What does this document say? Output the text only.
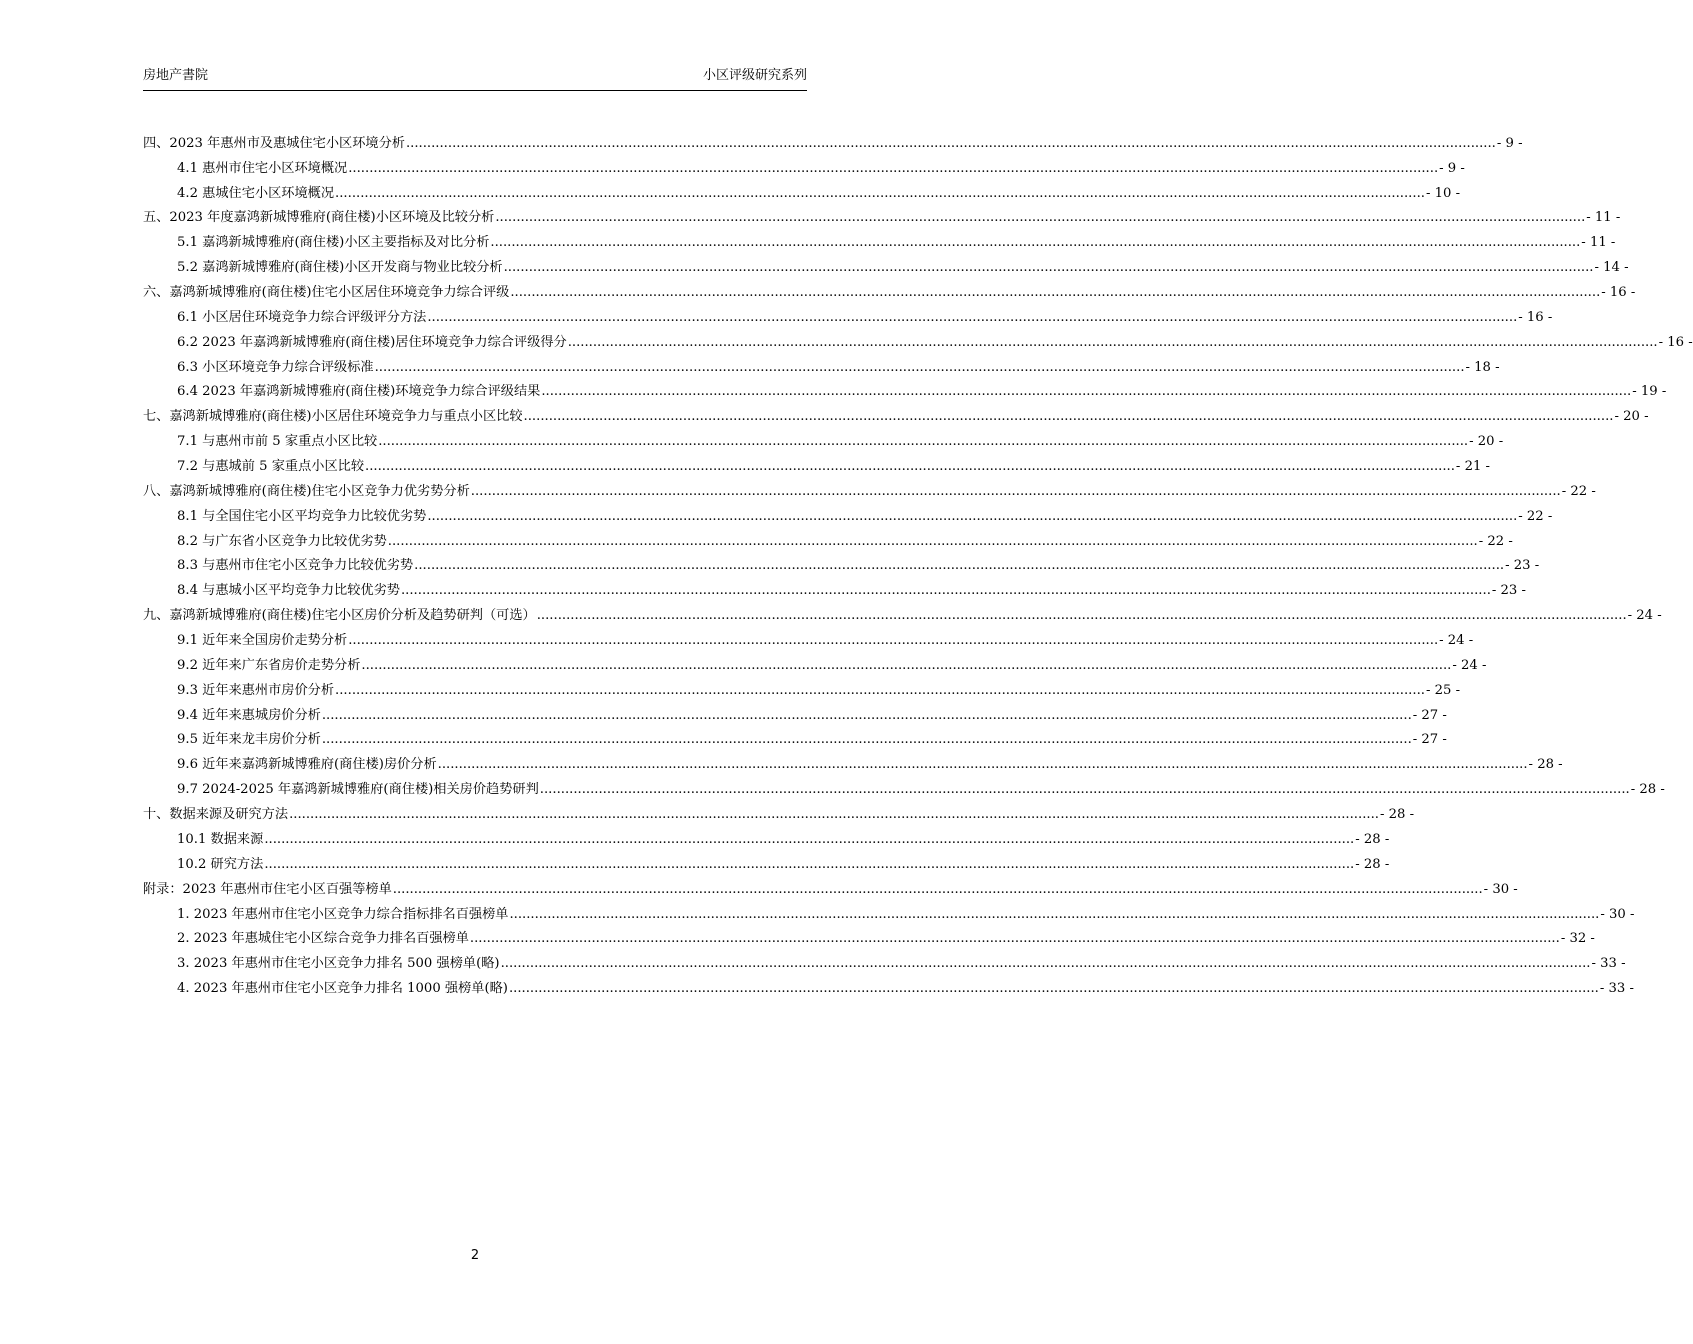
房地产書院	小区评级研究系列
四、2023 年惠州市及惠城住宅小区环境分析 .................................................................................................................................................................................................................................................................... - 9 -
4.1 惠州市住宅小区环境概况 .................................................................................................................................................................................................................................................................... - 9 -
4.2 惠城住宅小区环境概况 .................................................................................................................................................................................................................................................................... - 10 -
五、2023 年度嘉鸿新城博雅府(商住楼)小区环境及比较分析 .................................................................................................................................................................................................................................................................... - 11 -
5.1 嘉鸿新城博雅府(商住楼)小区主要指标及对比分析 .................................................................................................................................................................................................................................................................... - 11 -
5.2 嘉鸿新城博雅府(商住楼)小区开发商与物业比较分析 .................................................................................................................................................................................................................................................................... - 14 -
六、嘉鸿新城博雅府(商住楼)住宅小区居住环境竞争力综合评级 .................................................................................................................................................................................................................................................................... - 16 -
6.1 小区居住环境竞争力综合评级评分方法 .................................................................................................................................................................................................................................................................... - 16 -
6.2 2023 年嘉鸿新城博雅府(商住楼)居住环境竞争力综合评级得分 .................................................................................................................................................................................................................................................................... - 16 -
6.3 小区环境竞争力综合评级标准 .................................................................................................................................................................................................................................................................... - 18 -
6.4 2023 年嘉鸿新城博雅府(商住楼)环境竞争力综合评级结果 .................................................................................................................................................................................................................................................................... - 19 -
七、嘉鸿新城博雅府(商住楼)小区居住环境竞争力与重点小区比较 .................................................................................................................................................................................................................................................................... - 20 -
7.1 与惠州市前 5 家重点小区比较 .................................................................................................................................................................................................................................................................... - 20 -
7.2 与惠城前 5 家重点小区比较 .................................................................................................................................................................................................................................................................... - 21 -
八、嘉鸿新城博雅府(商住楼)住宅小区竞争力优劣势分析 .................................................................................................................................................................................................................................................................... - 22 -
8.1 与全国住宅小区平均竞争力比较优劣势 .................................................................................................................................................................................................................................................................... - 22 -
8.2 与广东省小区竞争力比较优劣势 .................................................................................................................................................................................................................................................................... - 22 -
8.3 与惠州市住宅小区竞争力比较优劣势 .................................................................................................................................................................................................................................................................... - 23 -
8.4 与惠城小区平均竞争力比较优劣势 .................................................................................................................................................................................................................................................................... - 23 -
九、嘉鸿新城博雅府(商住楼)住宅小区房价分析及趋势研判（可选） .................................................................................................................................................................................................................................................................... - 24 -
9.1 近年来全国房价走势分析 .................................................................................................................................................................................................................................................................... - 24 -
9.2 近年来广东省房价走势分析 .................................................................................................................................................................................................................................................................... - 24 -
9.3 近年来惠州市房价分析 .................................................................................................................................................................................................................................................................... - 25 -
9.4 近年来惠城房价分析 .................................................................................................................................................................................................................................................................... - 27 -
9.5 近年来龙丰房价分析 .................................................................................................................................................................................................................................................................... - 27 -
9.6 近年来嘉鸿新城博雅府(商住楼)房价分析 .................................................................................................................................................................................................................................................................... - 28 -
9.7 2024-2025 年嘉鸿新城博雅府(商住楼)相关房价趋势研判 .................................................................................................................................................................................................................................................................... - 28 -
十、数据来源及研究方法 .................................................................................................................................................................................................................................................................... - 28 -
10.1 数据来源 .................................................................................................................................................................................................................................................................... - 28 -
10.2 研究方法 .................................................................................................................................................................................................................................................................... - 28 -
附录：2023 年惠州市住宅小区百强等榜单 .................................................................................................................................................................................................................................................................... - 30 -
1. 2023 年惠州市住宅小区竞争力综合指标排名百强榜单 .................................................................................................................................................................................................................................................................... - 30 -
2. 2023 年惠城住宅小区综合竞争力排名百强榜单 .................................................................................................................................................................................................................................................................... - 32 -
3. 2023 年惠州市住宅小区竞争力排名 500 强榜单(略) .................................................................................................................................................................................................................................................................... - 33 -
4. 2023 年惠州市住宅小区竞争力排名 1000 强榜单(略) .................................................................................................................................................................................................................................................................... - 33 -
2
